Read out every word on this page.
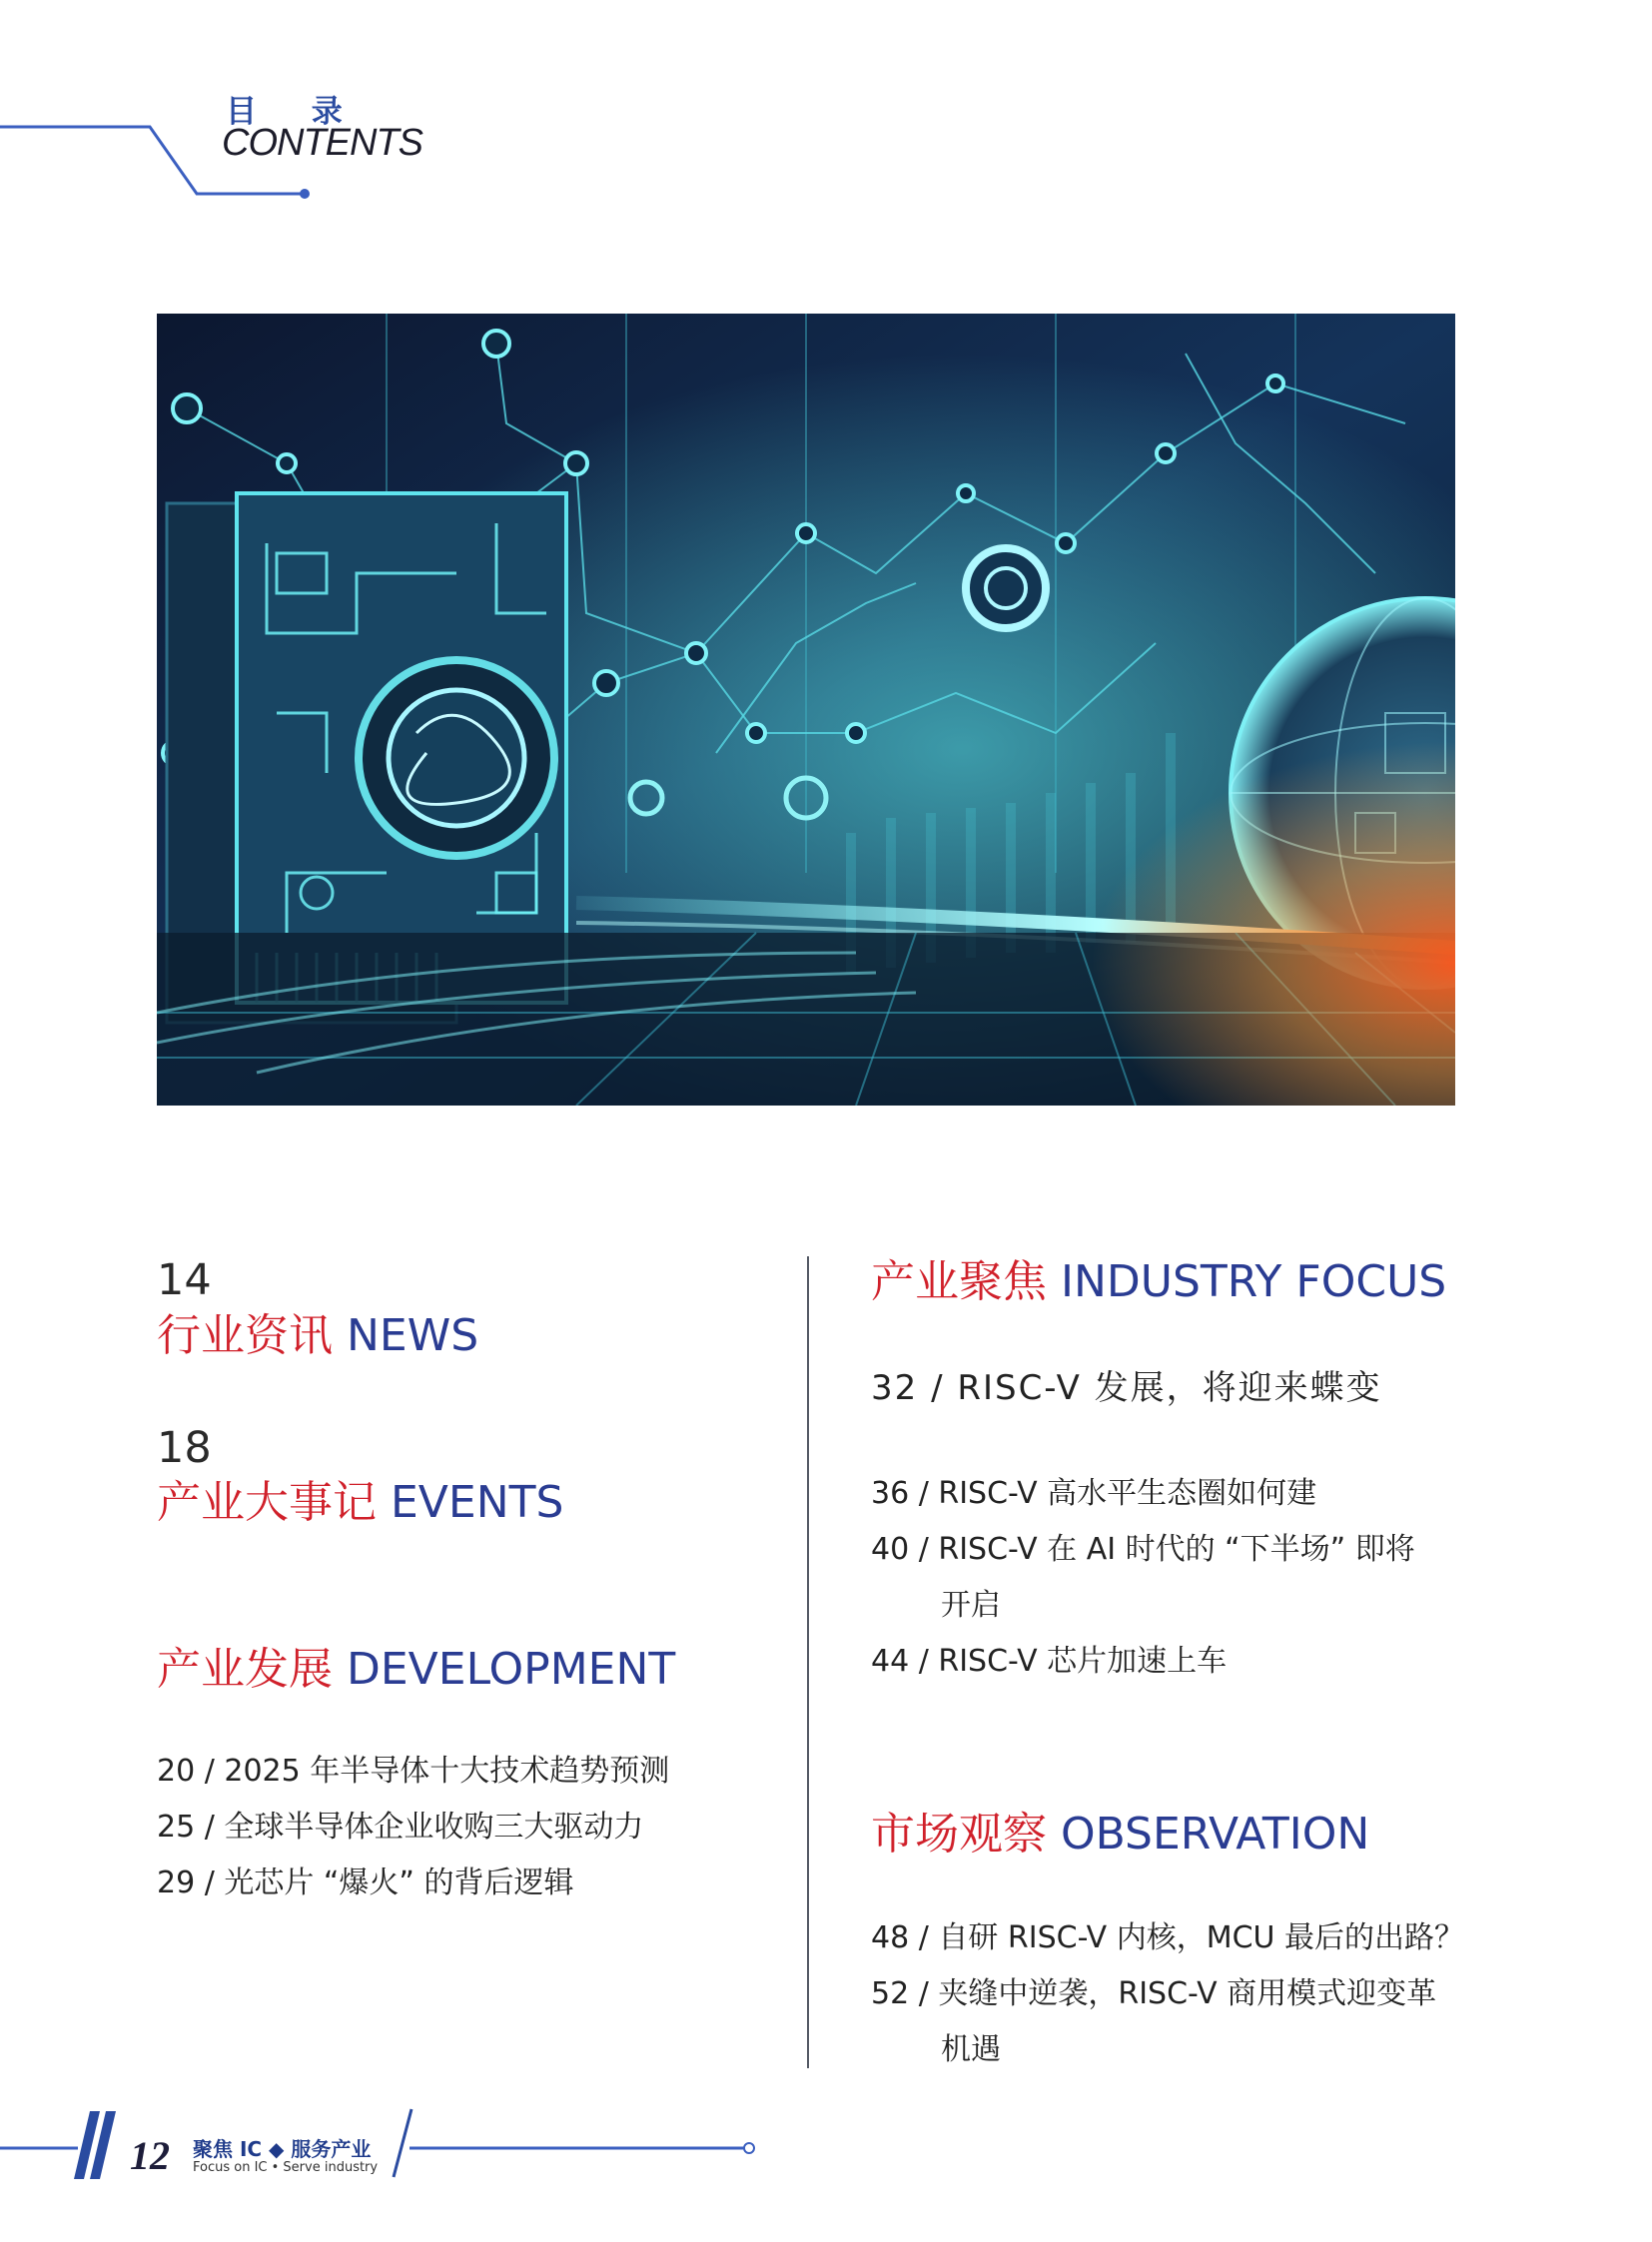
目 录
CONTENTS
14
行业资讯 NEWS
18
产业大事记 EVENTS
产业发展 DEVELOPMENT
20 / 2025 年半导体十大技术趋势预测
25 / 全球半导体企业收购三大驱动力
29 / 光芯片 “爆火” 的背后逻辑
产业聚焦 INDUSTRY FOCUS
32 / RISC-V 发展，将迎来蝶变
36 / RISC-V 高水平生态圈如何建
40 / RISC-V 在 AI 时代的 “下半场” 即将
开启
44 / RISC-V 芯片加速上车
市场观察 OBSERVATION
48 / 自研 RISC-V 内核，MCU 最后的出路？
52 / 夹缝中逆袭，RISC-V 商用模式迎变革
机遇
12 聚焦 IC ◆ 服务产业
Focus on IC • Serve industry
